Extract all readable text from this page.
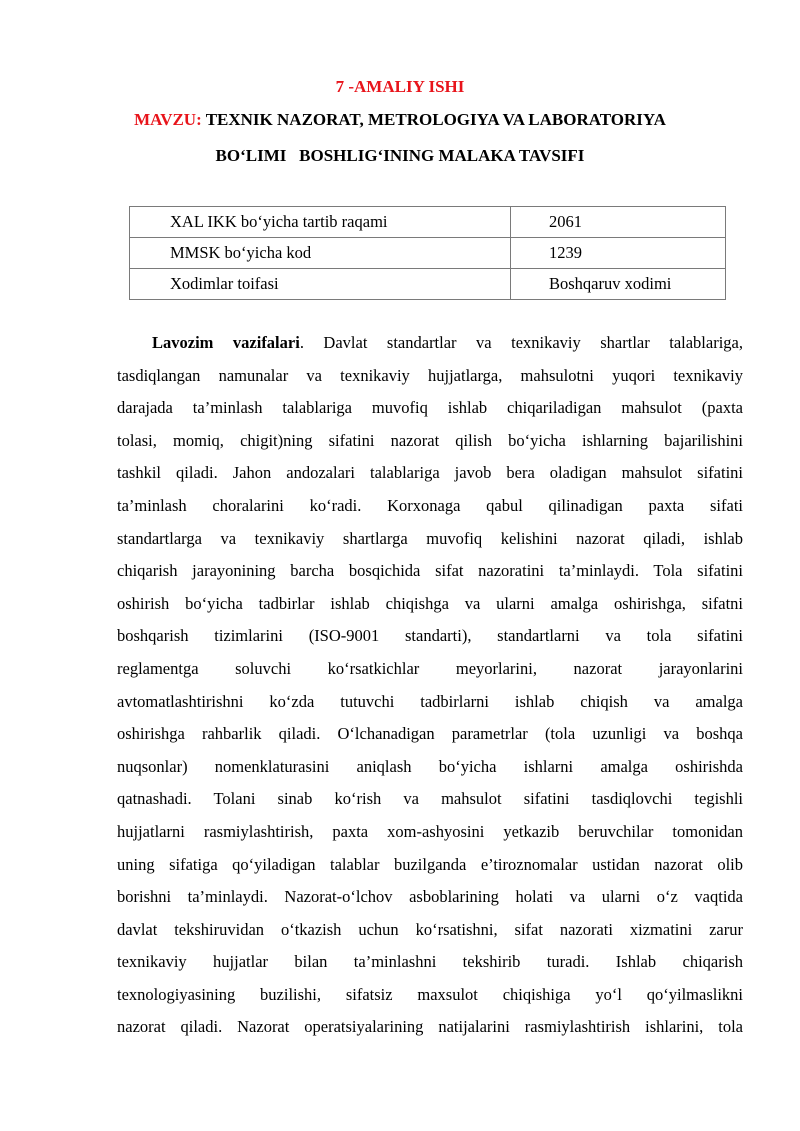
7 -AMALIY ISHI
MAVZU: TEXNIK NAZORAT, METROLOGIYA VA LABORATORIYA
BO‘LIMI   BOSHLIG‘INING MALAKA TAVSIFI
XAL IKK bo‘yicha tartib raqami	2061
MMSK bo‘yicha kod	1239
Xodimlar toifasi	Boshqaruv xodimi
Lavozim vazifalari. Davlat standartlar va texnikaviy shartlar talablariga,
tasdiqlangan namunalar va texnikaviy hujjatlarga, mahsulotni yuqori texnikaviy
darajada ta’minlash talablariga muvofiq ishlab chiqariladigan mahsulot (paxta
tolasi, momiq, chigit)ning sifatini nazorat qilish bo‘yicha ishlarning bajarilishini
tashkil qiladi. Jahon andozalari talablariga javob bera oladigan mahsulot sifatini
ta’minlash choralarini ko‘radi. Korxonaga qabul qilinadigan paxta sifati
standartlarga va texnikaviy shartlarga muvofiq kelishini nazorat qiladi, ishlab
chiqarish jarayonining barcha bosqichida sifat nazoratini ta’minlaydi. Tola sifatini
oshirish bo‘yicha tadbirlar ishlab chiqishga va ularni amalga oshirishga, sifatni
boshqarish tizimlarini (ISO-9001 standarti), standartlarni va tola sifatini
reglamentga soluvchi ko‘rsatkichlar meyorlarini, nazorat jarayonlarini
avtomatlashtirishni ko‘zda tutuvchi tadbirlarni ishlab chiqish va amalga
oshirishga rahbarlik qiladi. O‘lchanadigan parametrlar (tola uzunligi va boshqa
nuqsonlar) nomenklaturasini aniqlash bo‘yicha ishlarni amalga oshirishda
qatnashadi. Tolani sinab ko‘rish va mahsulot sifatini tasdiqlovchi tegishli
hujjatlarni rasmiylashtirish, paxta xom-ashyosini yetkazib beruvchilar tomonidan
uning sifatiga qo‘yiladigan talablar buzilganda e’tiroznomalar ustidan nazorat olib
borishni ta’minlaydi. Nazorat-o‘lchov asboblarining holati va ularni o‘z vaqtida
davlat tekshiruvidan o‘tkazish uchun ko‘rsatishni, sifat nazorati xizmatini zarur
texnikaviy hujjatlar bilan ta’minlashni tekshirib turadi. Ishlab chiqarish
texnologiyasining buzilishi, sifatsiz maxsulot chiqishiga yo‘l qo‘yilmaslikni
nazorat qiladi. Nazorat operatsiyalarining natijalarini rasmiylashtirish ishlarini, tola
